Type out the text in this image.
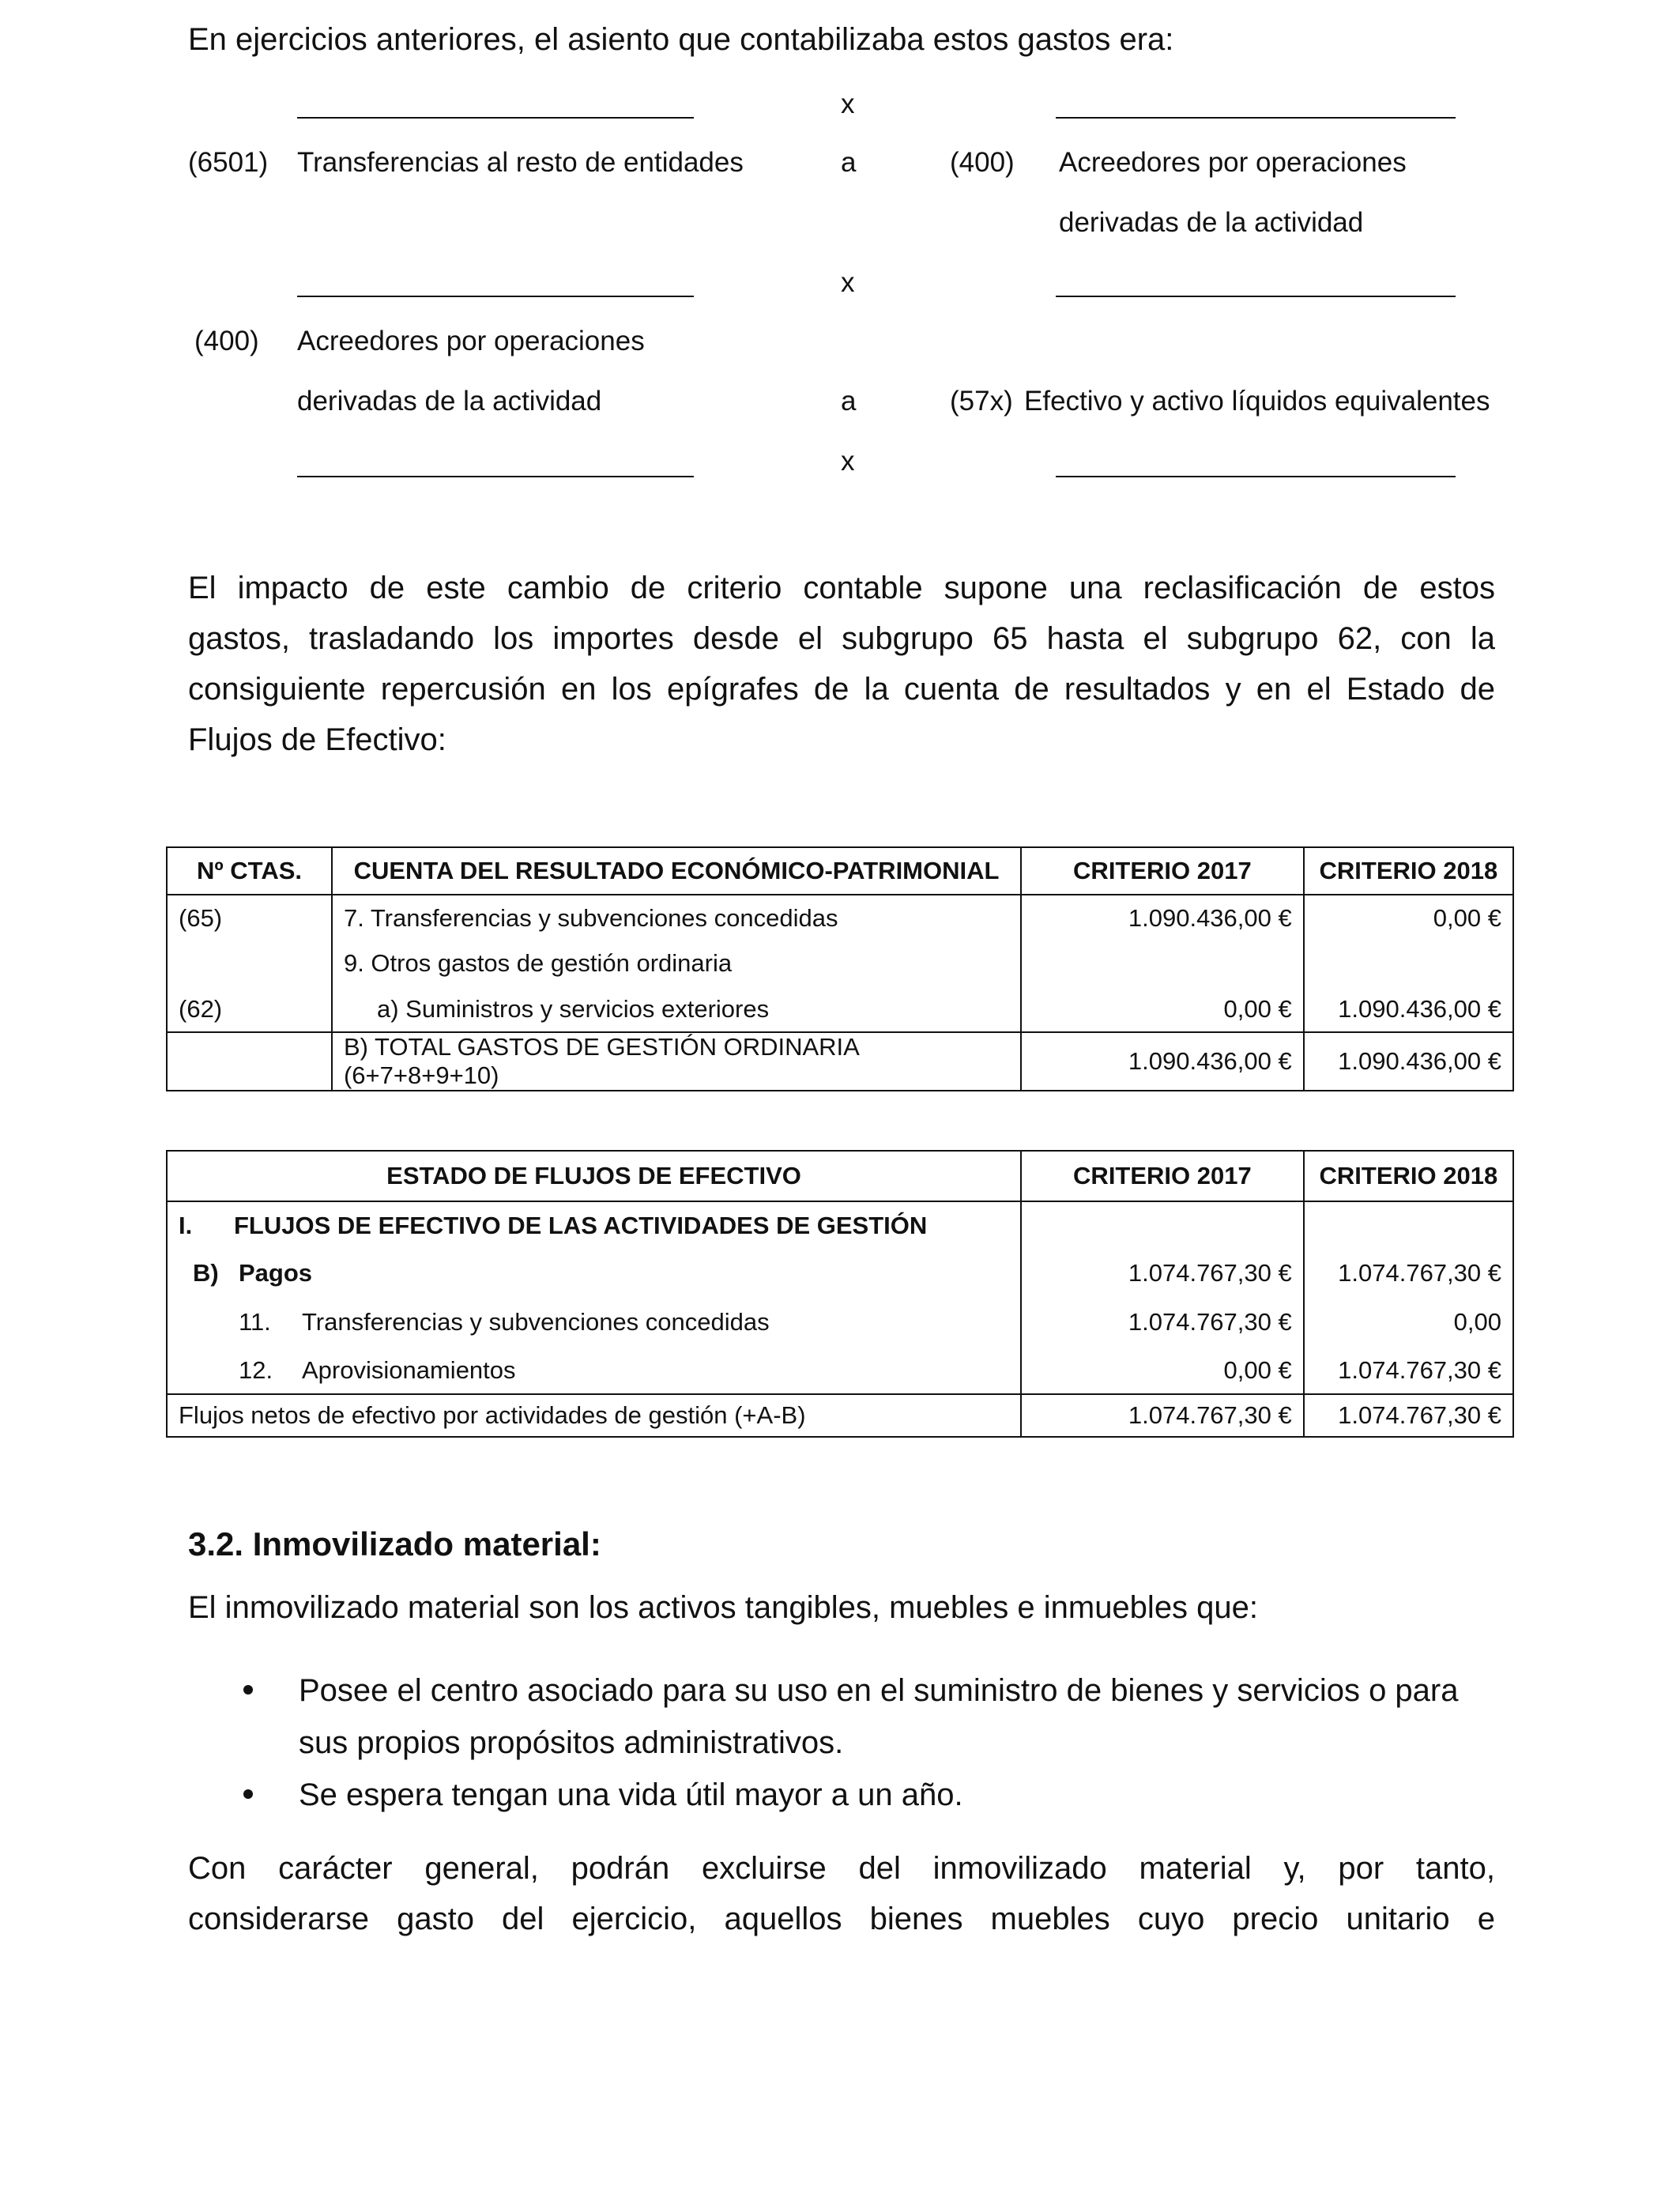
En ejercicios anteriores, el asiento que contabilizaba estos gastos era:
x
(6501) Transferencias al resto de entidades	a	(400) Acreedores por operaciones
derivadas de la actividad
x
(400) Acreedores por operaciones
derivadas de la actividad	a	(57x) Efectivo y activo líquidos equivalentes
x
El impacto de este cambio de criterio contable supone una reclasificación de estos
gastos, trasladando los importes desde el subgrupo 65 hasta el subgrupo 62, con la
consiguiente repercusión en los epígrafes de la cuenta de resultados y en el Estado de
Flujos de Efectivo:
Nº CTAS.	CUENTA DEL RESULTADO ECONÓMICO-PATRIMONIAL	CRITERIO 2017	CRITERIO 2018
(65)	7. Transferencias y subvenciones concedidas	1.090.436,00 €	0,00 €
	9. Otros gastos de gestión ordinaria		
(62)	a) Suministros y servicios exteriores	0,00 €	1.090.436,00 €
	B) TOTAL GASTOS DE GESTIÓN ORDINARIA (6+7+8+9+10)	1.090.436,00 €	1.090.436,00 €
ESTADO DE FLUJOS DE EFECTIVO	CRITERIO 2017	CRITERIO 2018
I. FLUJOS DE EFECTIVO DE LAS ACTIVIDADES DE GESTIÓN		
B) Pagos	1.074.767,30 €	1.074.767,30 €
11. Transferencias y subvenciones concedidas	1.074.767,30 €	0,00
12. Aprovisionamientos	0,00 €	1.074.767,30 €
Flujos netos de efectivo por actividades de gestión (+A-B)	1.074.767,30 €	1.074.767,30 €
3.2. Inmovilizado material:
El inmovilizado material son los activos tangibles, muebles e inmuebles que:
Posee el centro asociado para su uso en el suministro de bienes y servicios o para
sus propios propósitos administrativos.
Se espera tengan una vida útil mayor a un año.
Con carácter general, podrán excluirse del inmovilizado material y, por tanto,
considerarse gasto del ejercicio, aquellos bienes muebles cuyo precio unitario e
